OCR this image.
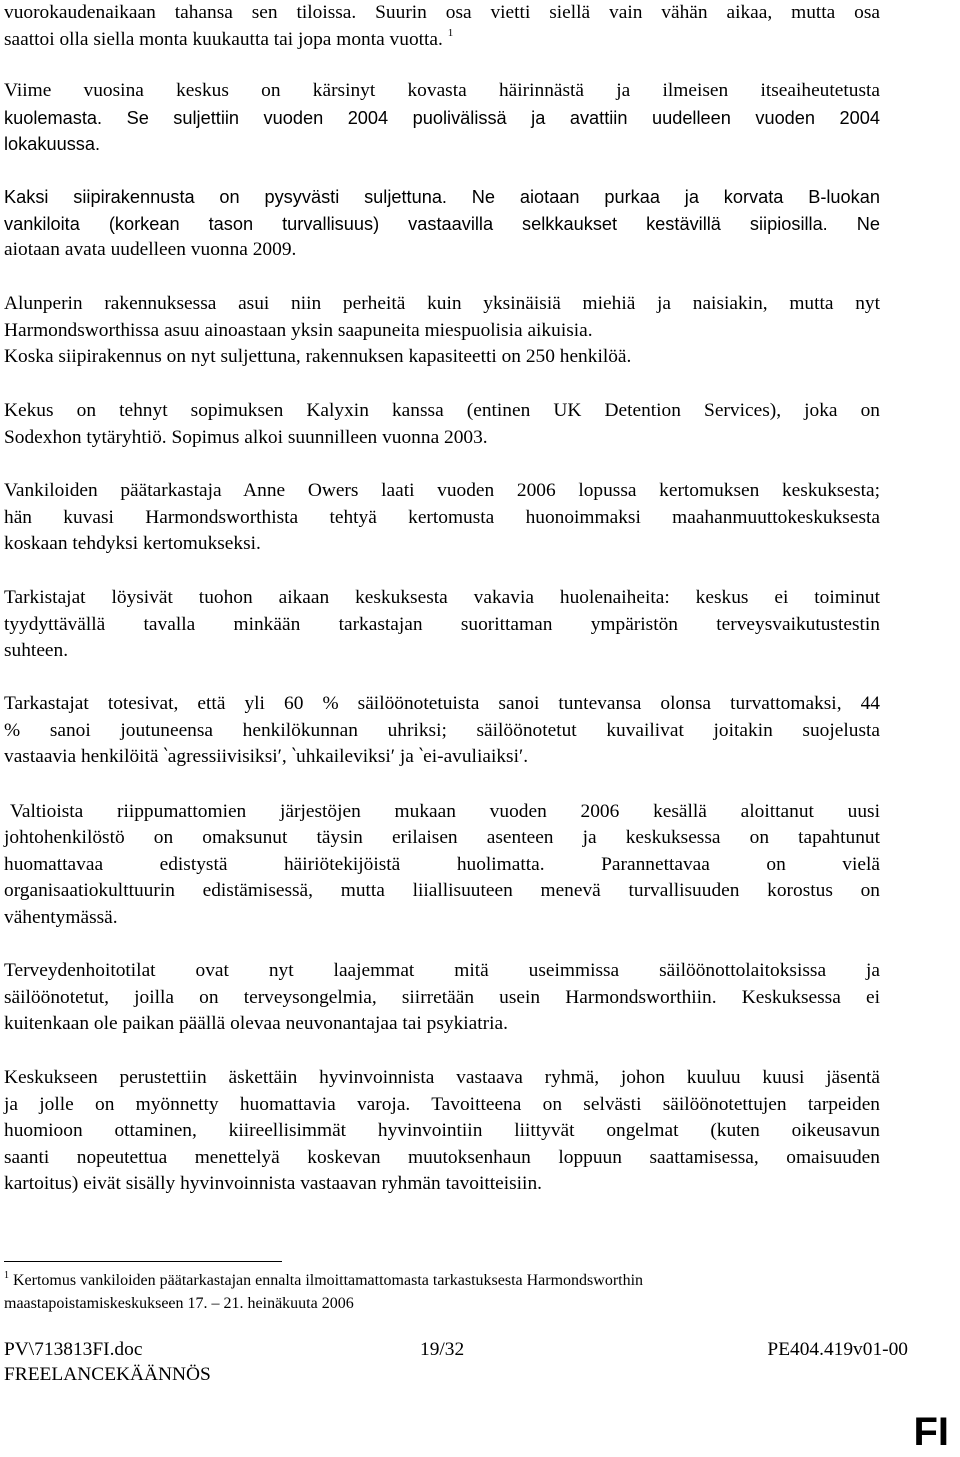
vuorokaudenaikaan tahansa sen tiloissa. Suurin osa vietti siellä vain vähän aikaa, mutta osa
saattoi olla siella monta kuukautta tai jopa monta vuotta. $^1$

Viime vuosina keskus on kärsinyt kovasta häirinnästä ja ilmeisen itseaiheutetusta
kuolemasta. Se suljettiin vuoden 2004 puolivälissä ja avattiin uudelleen vuoden 2004
lokakuussa.

Kaksi siipirakennusta on pysyvästi suljettuna. Ne aiotaan purkaa ja korvata B-luokan
vankiloita (korkean tason turvallisuus) vastaavilla selkkaukset kestävillä siipiosilla. Ne
aiotaan avata uudelleen vuonna 2009.

Alunperin rakennuksessa asui niin perheitä kuin yksinäisiä miehiä ja naisiakin, mutta nyt
Harmondsworthissa asuu ainoastaan yksin saapuneita miespuolisia aikuisia.
Koska siipirakennus on nyt suljettuna, rakennuksen kapasiteetti on 250 henkilöä.

Kekus on tehnyt sopimuksen Kalyxin kanssa (entinen UK Detention Services), joka on
Sodexhon tytäryhtiö. Sopimus alkoi suunnilleen vuonna 2003.

Vankiloiden päätarkastaja Anne Owers laati vuoden 2006 lopussa kertomuksen keskuksesta;
hän kuvasi Harmondsworthista tehtyä kertomusta huonoimmaksi maahanmuuttokeskuksesta
koskaan tehdyksi kertomukseksi.

Tarkistajat löysivät tuohon aikaan keskuksesta vakavia huolenaiheita: keskus ei toiminut
tyydyttävällä tavalla minkään tarkastajan suorittaman ympäristön terveysvaikutustestin
suhteen.

Tarkastajat totesivat, että yli 60 % säilöönotetuista sanoi tuntevansa olonsa turvattomaksi, 44
% sanoi joutuneensa henkilökunnan uhriksi; säilöönotetut kuvailivat joitakin suojelusta
vastaavia henkilöitä ‵agressiivisiksi′, ‵uhkaileviksi′ ja ‵ei-avuliaiksi′.

Valtioista riippumattomien järjestöjen mukaan vuoden 2006 kesällä aloittanut uusi

johtohenkilöstö on omaksunut täysin erilaisen asenteen ja keskuksessa on tapahtunut
huomattavaa edistystä häiriötekijöistä huolimatta. Parannettavaa on vielä
organisaatiokulttuurin edistämisessä, mutta liiallisuuteen menevä turvallisuuden korostus on
vähentymässä.

Terveydenhoitotilat ovat nyt laajemmat mitä useimmissa säilöönottolaitoksissa ja
säilöönotetut, joilla on terveysongelmia, siirretään usein Harmondsworthiin. Keskuksessa ei
kuitenkaan ole paikan päällä olevaa neuvonantajaa tai psykiatria.

Keskukseen perustettiin äskettäin hyvinvoinnista vastaava ryhmä, johon kuuluu kuusi jäsentä
ja jolle on myönnetty huomattavia varoja. Tavoitteena on selvästi säilöönotettujen tarpeiden
huomioon ottaminen, kiireellisimmät hyvinvointiin liittyvät ongelmat (kuten oikeusavun
saanti nopeutettua menettelyä koskevan muutoksenhaun loppuun saattamisessa, omaisuuden
kartoitus) eivät sisälly hyvinvoinnista vastaavan ryhmän tavoitteisiin.

$^1$ Kertomus vankiloiden päätarkastajan ennalta ilmoittamattomasta tarkastuksesta Harmondsworthin
maastapoistamiskeskukseen 17. – 21. heinäkuuta 2006
PV\713813FI.doc	19/32	PE404.419v01-00
FREELANCEKÄÄNNÖS
FI
